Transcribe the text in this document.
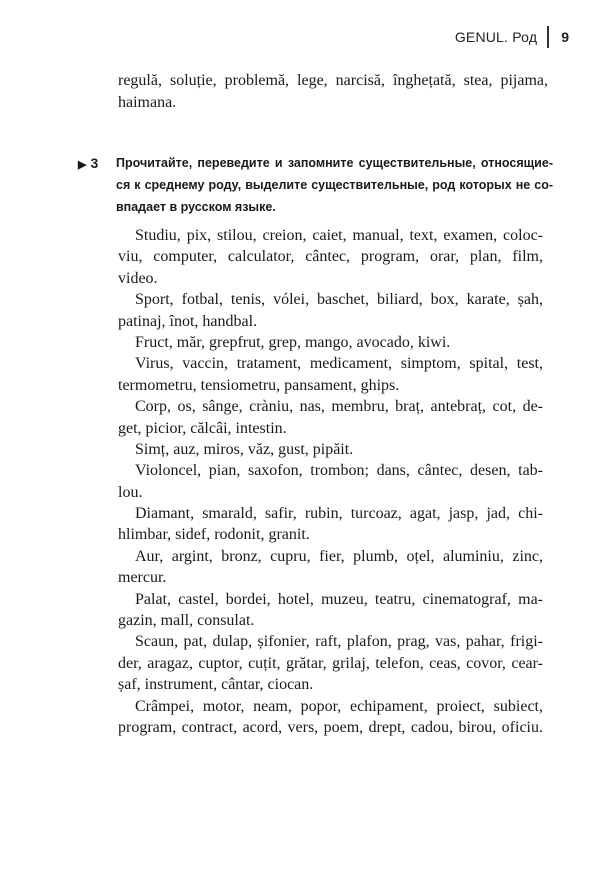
GENUL. Род 9
regulă, soluție, problemă, lege, narcisă, înghețată, stea, pijama,
haimana.
▶ 3 Прочитайте, переведите и запомните существительные, относящиеся к среднему роду, выделите существительные, род которых не совпадает в русском языке.
Studiu, pix, stilou, creion, caiet, manual, text, examen, coloc-
viu, computer, calculator, cântec, program, orar, plan, film,
video.
Sport, fotbal, tenis, vólei, baschet, biliard, box, karate, șah,
patinaj, înot, handbal.
Fruct, măr, grepfrut, grep, mango, avocado, kiwi.
Virus, vaccin, tratament, medicament, simptom, spital, test,
termometru, tensiometru, pansament, ghips.
Corp, os, sânge, cràniu, nas, membru, braț, antebraț, cot, de-
get, picior, călcâi, intestin.
Simț, auz, miros, văz, gust, pipăit.
Violoncel, pian, saxofon, trombon; dans, cântec, desen, tab-
lou.
Diamant, smarald, safir, rubin, turcoaz, agat, jasp, jad, chi-
hlimbar, sidef, rodonit, granit.
Aur, argint, bronz, cupru, fier, plumb, oțel, aluminiu, zinc,
mercur.
Palat, castel, bordei, hotel, muzeu, teatru, cinematograf, ma-
gazin, mall, consulat.
Scaun, pat, dulap, șifonier, raft, plafon, prag, vas, pahar, frigi-
der, aragaz, cuptor, cuțit, grătar, grilaj, telefon, ceas, covor, cear-
șaf, instrument, cântar, ciocan.
Crâmpei, motor, neam, popor, echipament, proiect, subiect,
program, contract, acord, vers, poem, drept, cadou, birou, oficiu.
